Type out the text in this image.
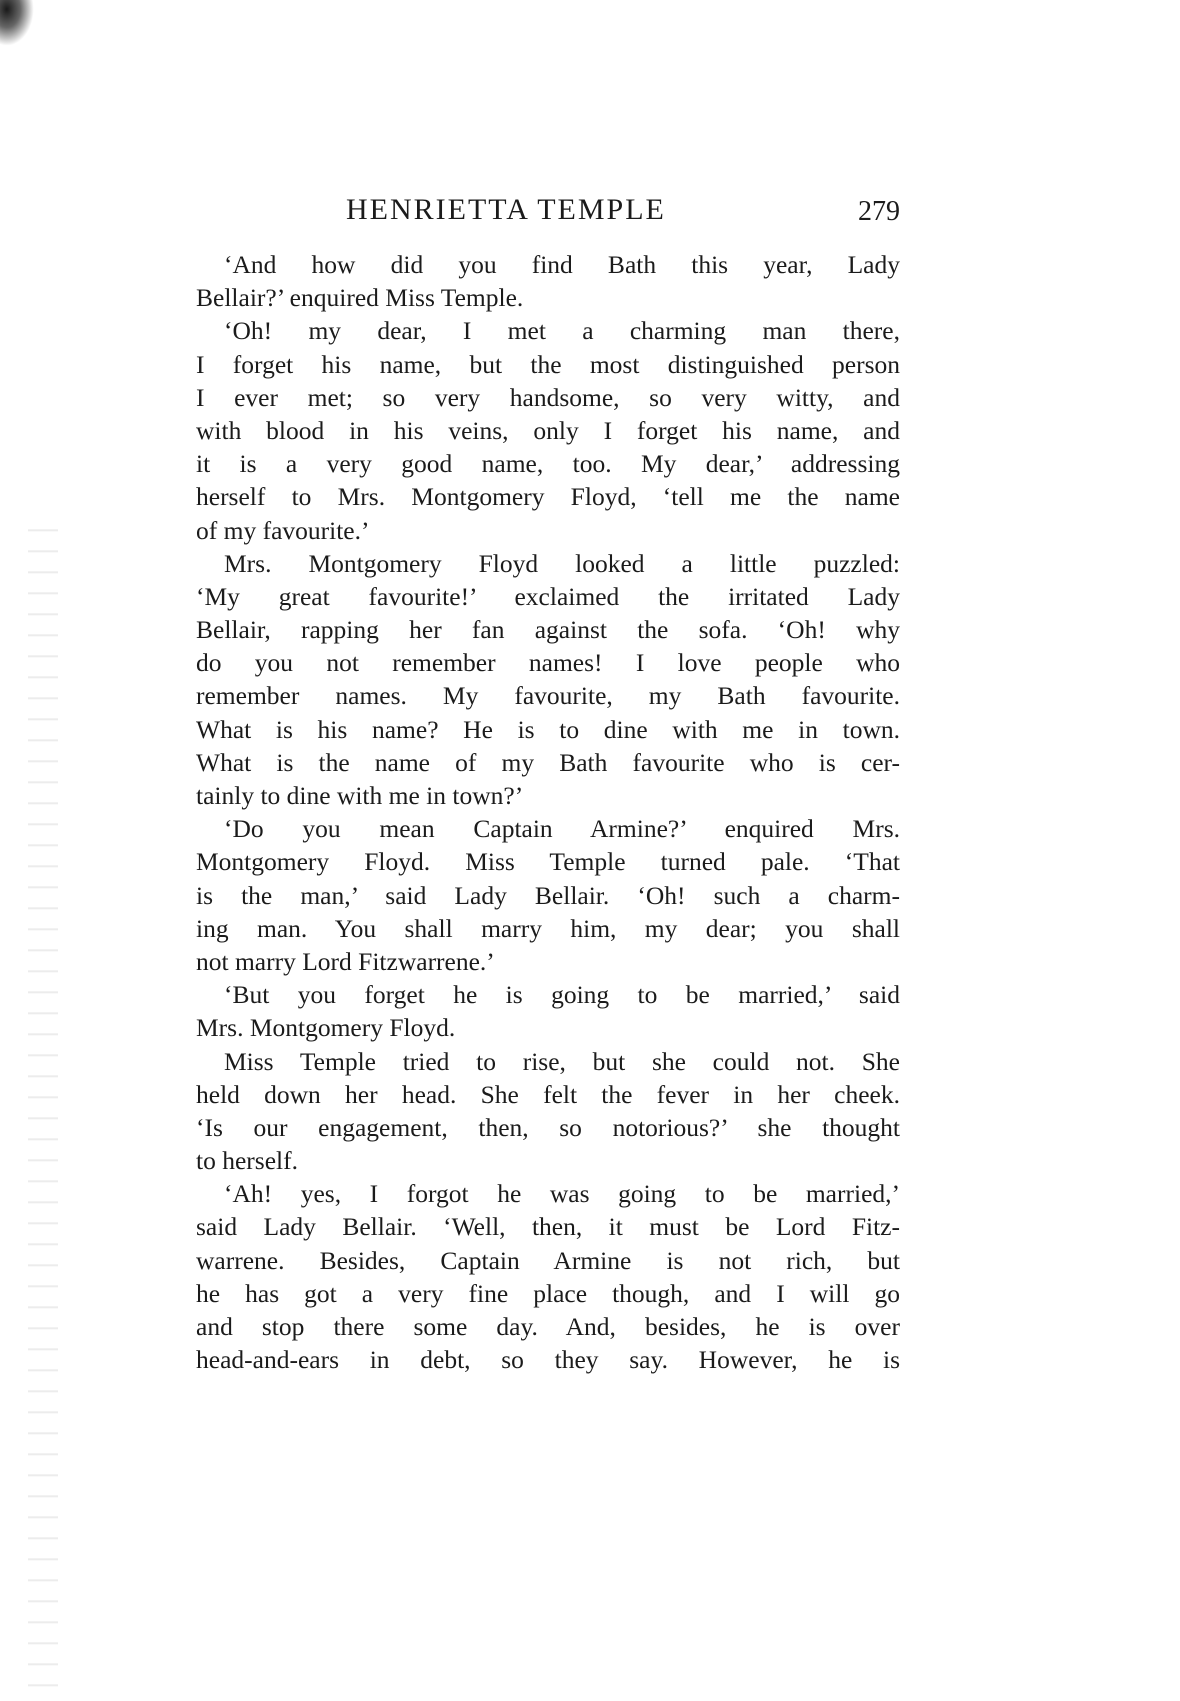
HENRIETTA TEMPLE	279
‘And how did you find Bath this year, Lady
Bellair?’ enquired Miss Temple.
‘Oh! my dear, I met a charming man there,
I forget his name, but the most distinguished person
I ever met; so very handsome, so very witty, and
with blood in his veins, only I forget his name, and
it is a very good name, too. My dear,’ addressing
herself to Mrs. Montgomery Floyd, ‘tell me the name
of my favourite.’
Mrs. Montgomery Floyd looked a little puzzled:
‘My great favourite!’ exclaimed the irritated Lady
Bellair, rapping her fan against the sofa. ‘Oh! why
do you not remember names! I love people who
remember names. My favourite, my Bath favourite.
What is his name? He is to dine with me in town.
What is the name of my Bath favourite who is cer-
tainly to dine with me in town?’
‘Do you mean Captain Armine?’ enquired Mrs.
Montgomery Floyd. Miss Temple turned pale. ‘That
is the man,’ said Lady Bellair. ‘Oh! such a charm-
ing man. You shall marry him, my dear; you shall
not marry Lord Fitzwarrene.’
‘But you forget he is going to be married,’ said
Mrs. Montgomery Floyd.
Miss Temple tried to rise, but she could not. She
held down her head. She felt the fever in her cheek.
‘Is our engagement, then, so notorious?’ she thought
to herself.
‘Ah! yes, I forgot he was going to be married,’
said Lady Bellair. ‘Well, then, it must be Lord Fitz-
warrene. Besides, Captain Armine is not rich, but
he has got a very fine place though, and I will go
and stop there some day. And, besides, he is over
head-and-ears in debt, so they say. However, he is
